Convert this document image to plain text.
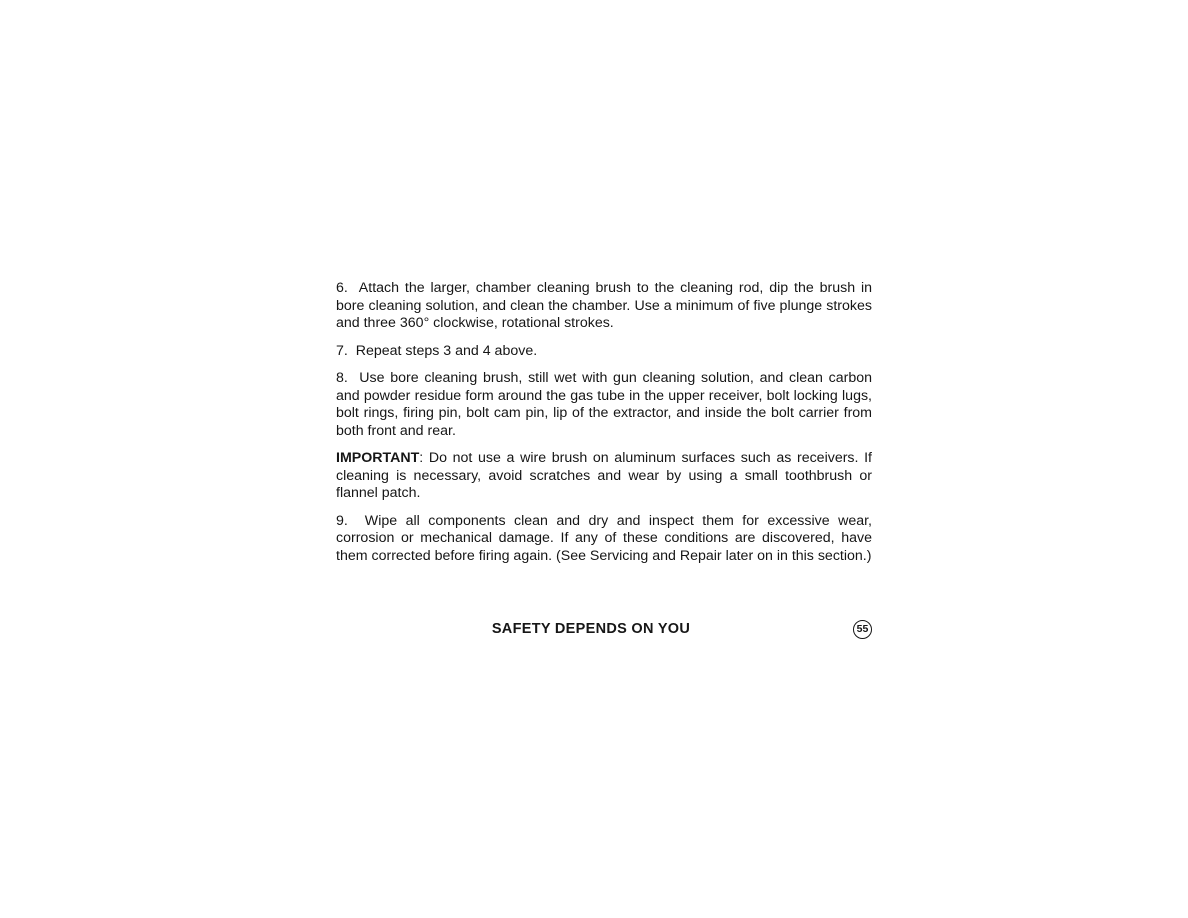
6. Attach the larger, chamber cleaning brush to the cleaning rod, dip the brush in bore cleaning solution, and clean the chamber. Use a minimum of five plunge strokes and three 360° clockwise, rotational strokes.

7. Repeat steps 3 and 4 above.

8. Use bore cleaning brush, still wet with gun cleaning solution, and clean carbon and powder residue form around the gas tube in the upper receiver, bolt locking lugs, bolt rings, firing pin, bolt cam pin, lip of the extractor, and inside the bolt carrier from both front and rear.

IMPORTANT: Do not use a wire brush on aluminum surfaces such as receivers. If cleaning is necessary, avoid scratches and wear by using a small toothbrush or flannel patch.

9. Wipe all components clean and dry and inspect them for excessive wear, corrosion or mechanical damage. If any of these conditions are discovered, have them corrected before firing again. (See Servicing and Repair later on in this section.)

SAFETY DEPENDS ON YOU	55
